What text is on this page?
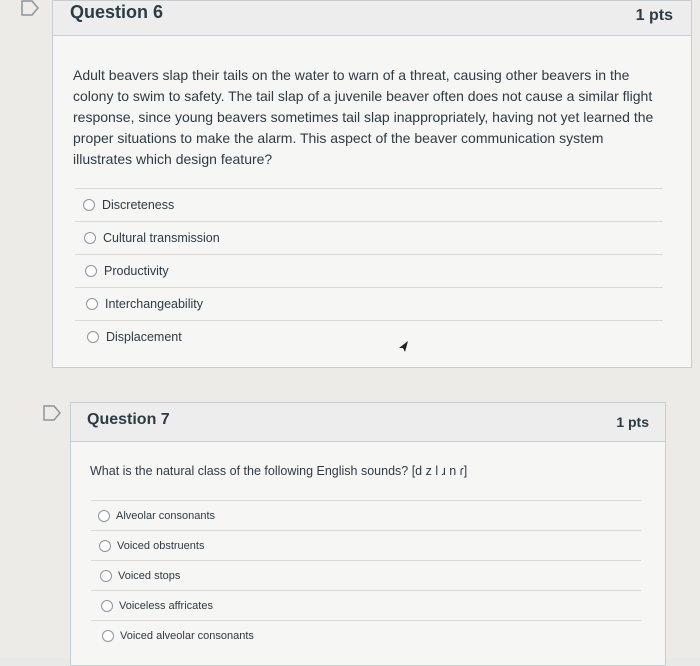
Question 6	1 pts
Adult beavers slap their tails on the water to warn of a threat, causing other beavers in the colony to swim to safety. The tail slap of a juvenile beaver often does not cause a similar flight response, since young beavers sometimes tail slap inappropriately, having not yet learned the proper situations to make the alarm. This aspect of the beaver communication system illustrates which design feature?
Discreteness
Cultural transmission
Productivity
Interchangeability
Displacement
Question 7	1 pts
What is the natural class of the following English sounds? [d z l ɹ n ɾ]
Alveolar consonants
Voiced obstruents
Voiced stops
Voiceless affricates
Voiced alveolar consonants
